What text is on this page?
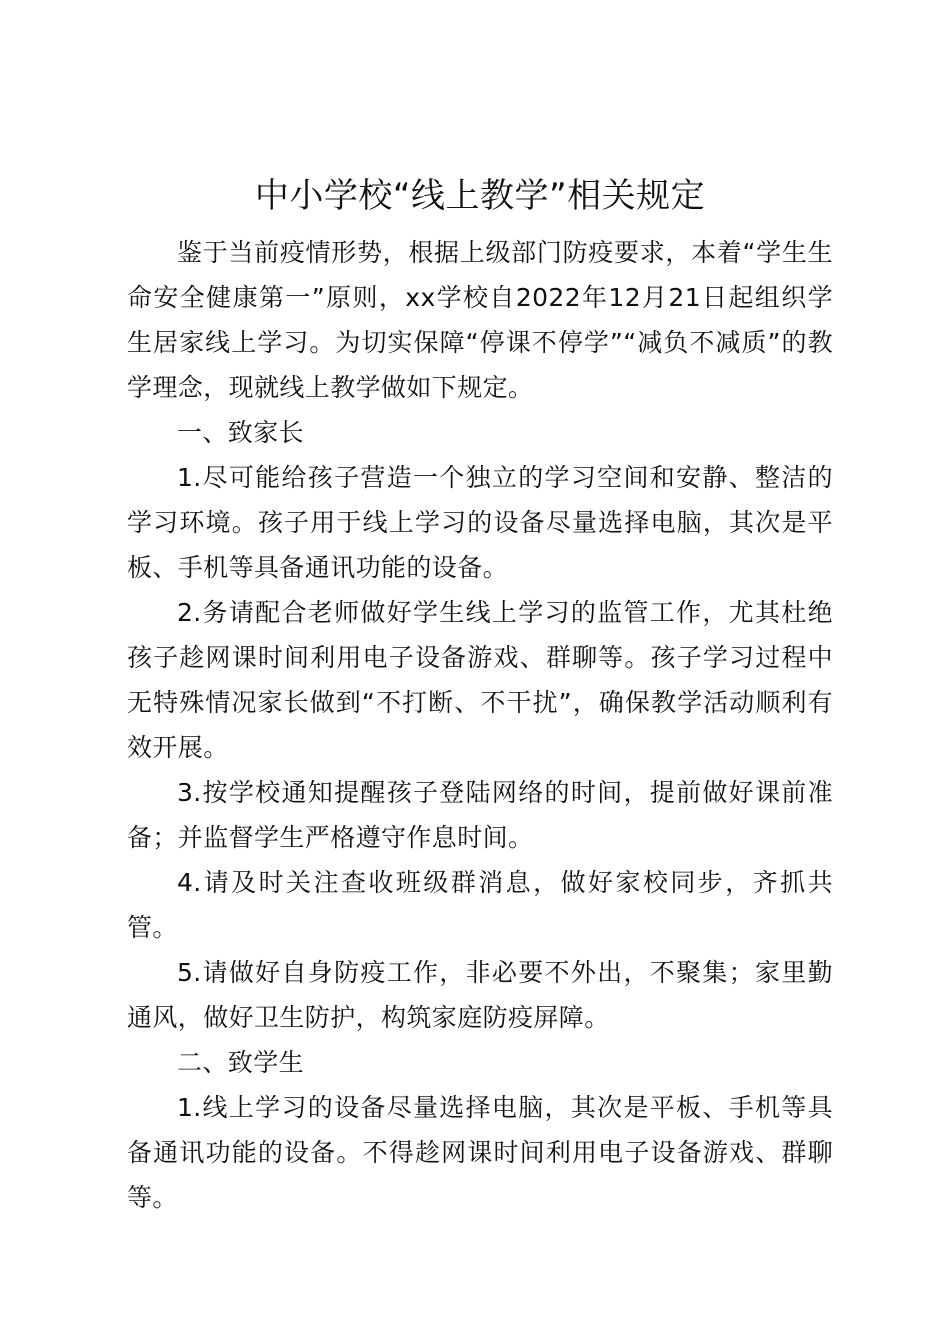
中小学校“线上教学”相关规定

鉴于当前疫情形势，根据上级部门防疫要求，本着“学生生命安全健康第一”原则，xx学校自2022年12月21日起组织学生居家线上学习。为切实保障“停课不停学”“减负不减质”的教学理念，现就线上教学做如下规定。

一、致家长

1.尽可能给孩子营造一个独立的学习空间和安静、整洁的学习环境。孩子用于线上学习的设备尽量选择电脑，其次是平板、手机等具备通讯功能的设备。

2.务请配合老师做好学生线上学习的监管工作，尤其杜绝孩子趁网课时间利用电子设备游戏、群聊等。孩子学习过程中无特殊情况家长做到“不打断、不干扰”，确保教学活动顺利有效开展。

3.按学校通知提醒孩子登陆网络的时间，提前做好课前准备；并监督学生严格遵守作息时间。

4.请及时关注查收班级群消息，做好家校同步，齐抓共管。

5.请做好自身防疫工作，非必要不外出，不聚集；家里勤通风，做好卫生防护，构筑家庭防疫屏障。

二、致学生

1.线上学习的设备尽量选择电脑，其次是平板、手机等具备通讯功能的设备。不得趁网课时间利用电子设备游戏、群聊等。
